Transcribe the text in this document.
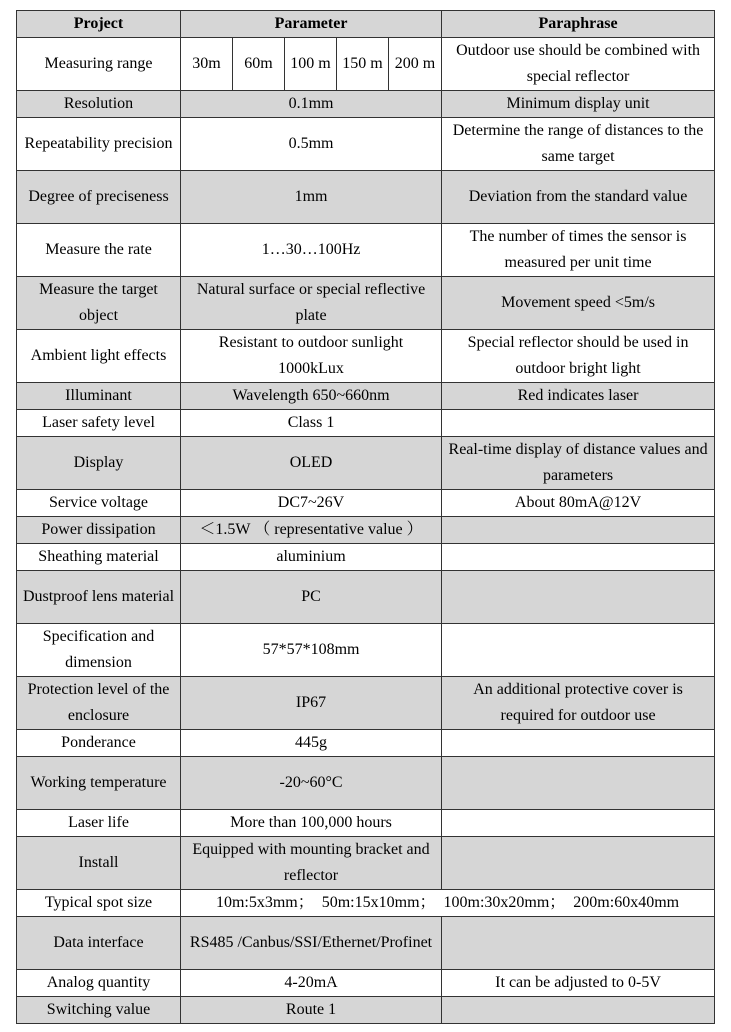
Project	Parameter					Paraphrase
Measuring range	30m	60m	100 m	150 m	200 m	Outdoor use should be combined with special reflector
Resolution	0.1mm					Minimum display unit
Repeatability precision	0.5mm					Determine the range of distances to the same target
Degree of preciseness	1mm					Deviation from the standard value
Measure the rate	1…30…100Hz					The number of times the sensor is measured per unit time
Measure the target object	Natural surface or special reflective plate					Movement speed <5m/s
Ambient light effects	Resistant to outdoor sunlight 1000kLux					Special reflector should be used in outdoor bright light
Illuminant	Wavelength 650~660nm					Red indicates laser
Laser safety level	Class 1					
Display	OLED					Real-time display of distance values and parameters
Service voltage	DC7~26V					About 80mA@12V
Power dissipation	＜1.5W （ representative value ）					
Sheathing material	aluminium					
Dustproof lens material	PC					
Specification and dimension	57*57*108mm					
Protection level of the enclosure	IP67					An additional protective cover is required for outdoor use
Ponderance	445g					
Working temperature	-20~60°C					
Laser life	More than 100,000 hours					
Install	Equipped with mounting bracket and reflector					
Typical spot size	10m:5x3mm；  50m:15x10mm；  100m:30x20mm；  200m:60x40mm					
Data interface	RS485 /Canbus/SSI/Ethernet/Profinet					
Analog quantity	4-20mA					It can be adjusted to 0-5V
Switching value	Route 1					
